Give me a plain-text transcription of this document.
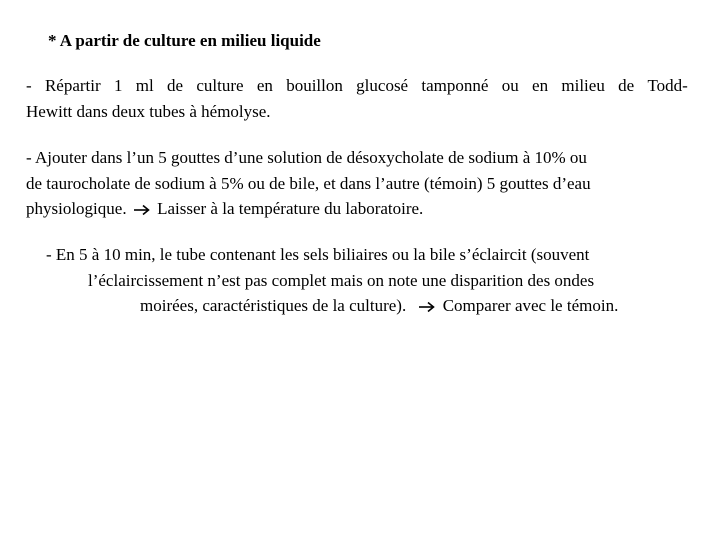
* A partir de culture en milieu liquide
- Répartir 1 ml de culture en bouillon glucosé tamponné ou en milieu de Todd-
Hewitt dans deux tubes à hémolyse.
- Ajouter dans l’un 5 gouttes d’une solution de désoxycholate de sodium à 10% ou
de taurocholate de sodium à 5% ou de bile, et dans l’autre (témoin) 5 gouttes d’eau
physiologique. Laisser à la température du laboratoire.
- En 5 à 10 min, le tube contenant les sels biliaires ou la bile s’éclaircit (souvent
l’éclaircissement n’est pas complet mais on note une disparition des ondes
moirées, caractéristiques de la culture). Comparer avec le témoin.
